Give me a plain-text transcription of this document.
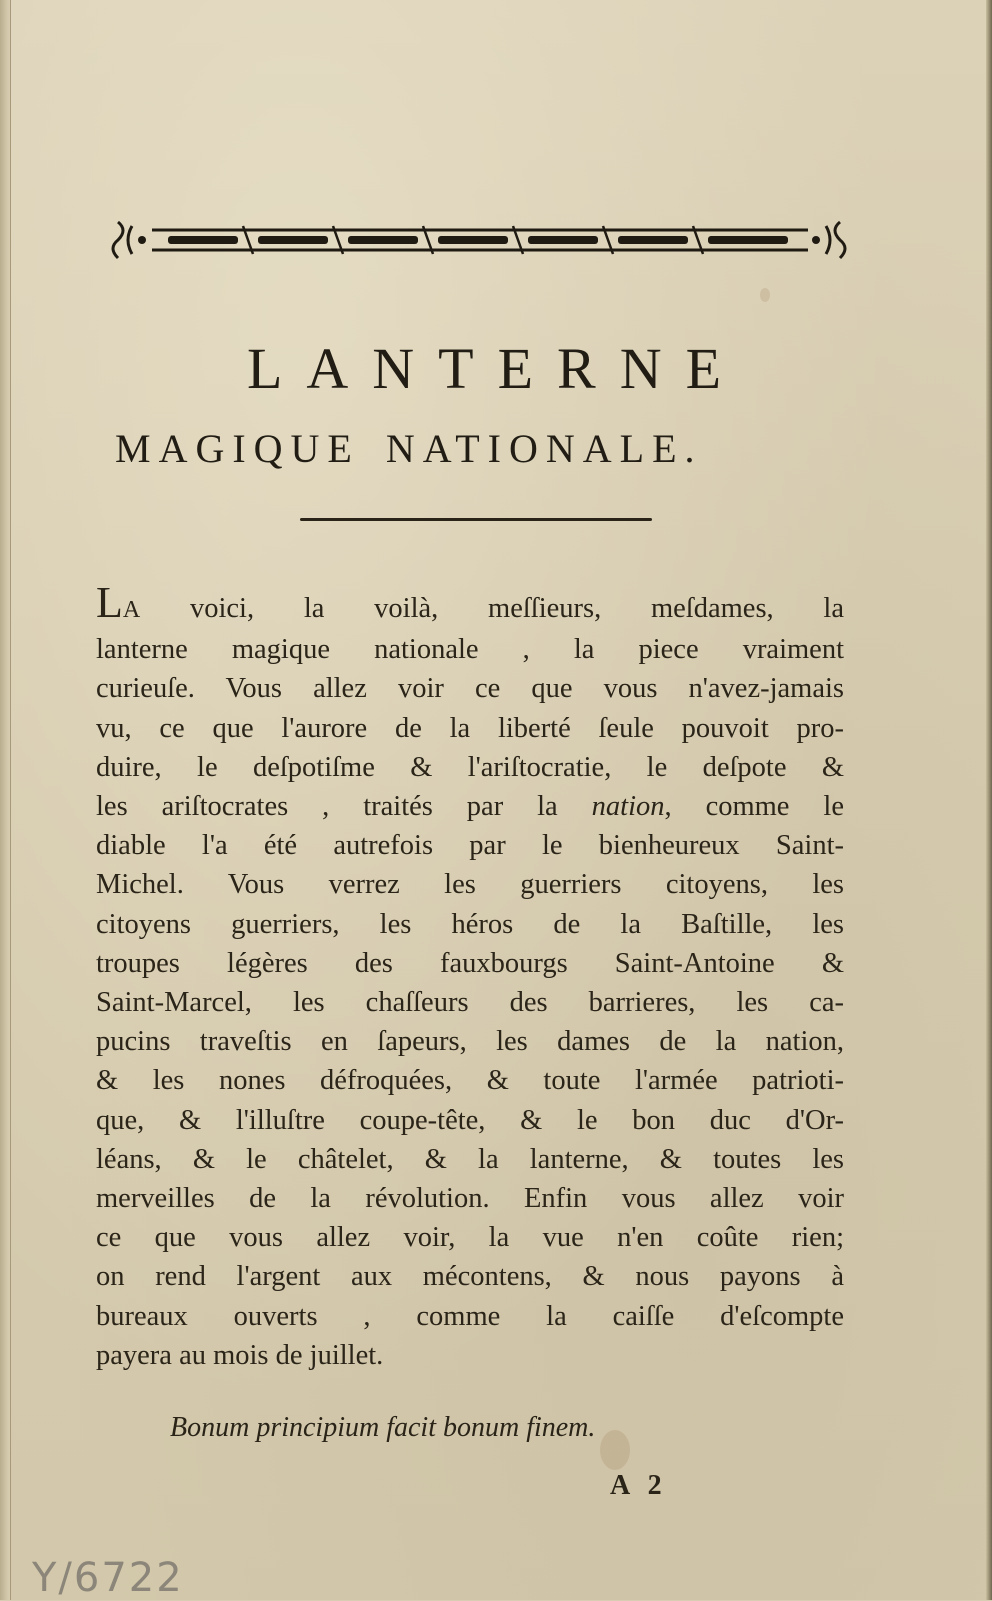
LANTERNE
MAGIQUE NATIONALE.
LA voici, la voilà, meſſieurs, meſdames, la
lanterne magique nationale , la piece vraiment
curieuſe. Vous allez voir ce que vous n'avez-jamais
vu, ce que l'aurore de la liberté ſeule pouvoit pro-
duire, le deſpotiſme & l'ariſtocratie, le deſpote &
les ariſtocrates , traités par la nation, comme le
diable l'a été autrefois par le bienheureux Saint-
Michel. Vous verrez les guerriers citoyens, les
citoyens guerriers, les héros de la Baſtille, les
troupes légères des fauxbourgs Saint-Antoine &
Saint-Marcel, les chaſſeurs des barrieres, les ca-
pucins traveſtis en ſapeurs, les dames de la nation,
& les nones défroquées, & toute l'armée patrioti-
que, & l'illuſtre coupe-tête, & le bon duc d'Or-
léans, & le châtelet, & la lanterne, & toutes les
merveilles de la révolution. Enfin vous allez voir
ce que vous allez voir, la vue n'en coûte rien;
on rend l'argent aux mécontens, & nous payons à
bureaux ouverts , comme la caiſſe d'eſcompte
payera au mois de juillet.
Bonum principium facit bonum finem.
A 2
Y/6722
